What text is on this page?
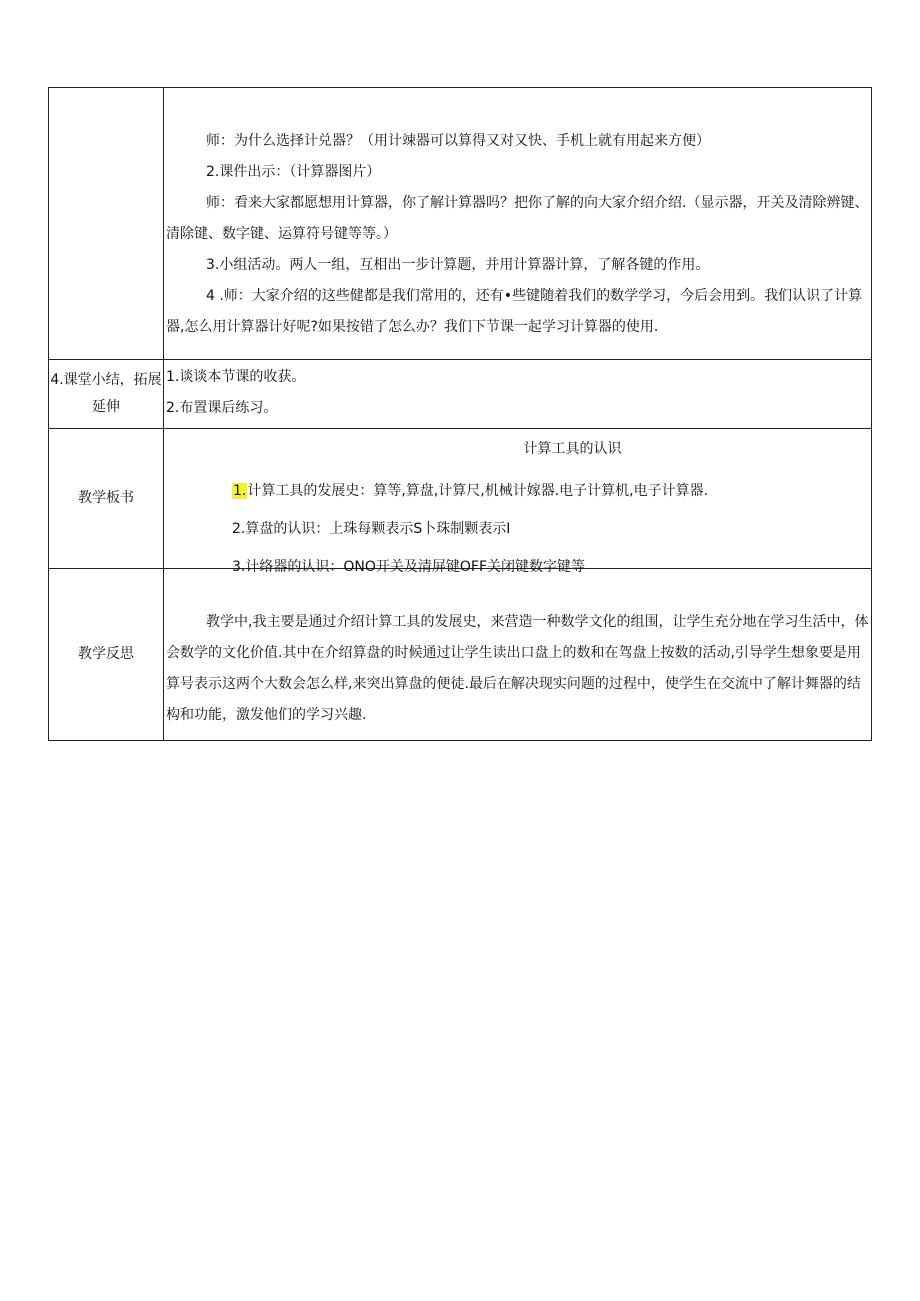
	师：为什么选择计兑器？（用计竦器可以算得又对又快、手机上就有用起来方便）

2.课件出示：（计算器图片）

师：看来大家都愿想用计算器，你了解计算器吗？把你了解的向大家介绍介绍.（显示器，开关及清除辨键、清除键、数字键、运算符号键等等。）

3.小组活动。两人一组，互相出一步计算题，并用计算器计算，了解各键的作用。

4 .师：大家介绍的这些健都是我们常用的，还有•些键随着我们的数学学习，今后会用到。我们认识了计算器,怎么用计算器计好呢?如果按错了怎么办？我们下节课一起学习计算器的使用.

4.课堂小结，拓展延伸	1.谈谈本节课的收获。

2.布置课后练习。

教学板书	计算工具的认识

1.计算工具的发展史：算等,算盘,计算尺,机械计嫁器.电子计算机,电子计算器.

2.算盘的认识：上珠每颗表示S卜珠制颗表示I

3.计络器的认识：ONO开关及清屏键OFF关闭键数字键等

教学反思	教学中,我主要是通过介绍计算工具的发展史，来营造一种数学文化的组围，让学生充分地在学习生活中，体会数学的文化价值.其中在介绍算盘的时候通过让学生读出口盘上的数和在驾盘上按数的活动,引导学生想象要是用算号表示这两个大数会怎么样,来突出算盘的便徒.最后在解决现实问题的过程中，使学生在交流中了解计舞器的结构和功能，激发他们的学习兴趣.
